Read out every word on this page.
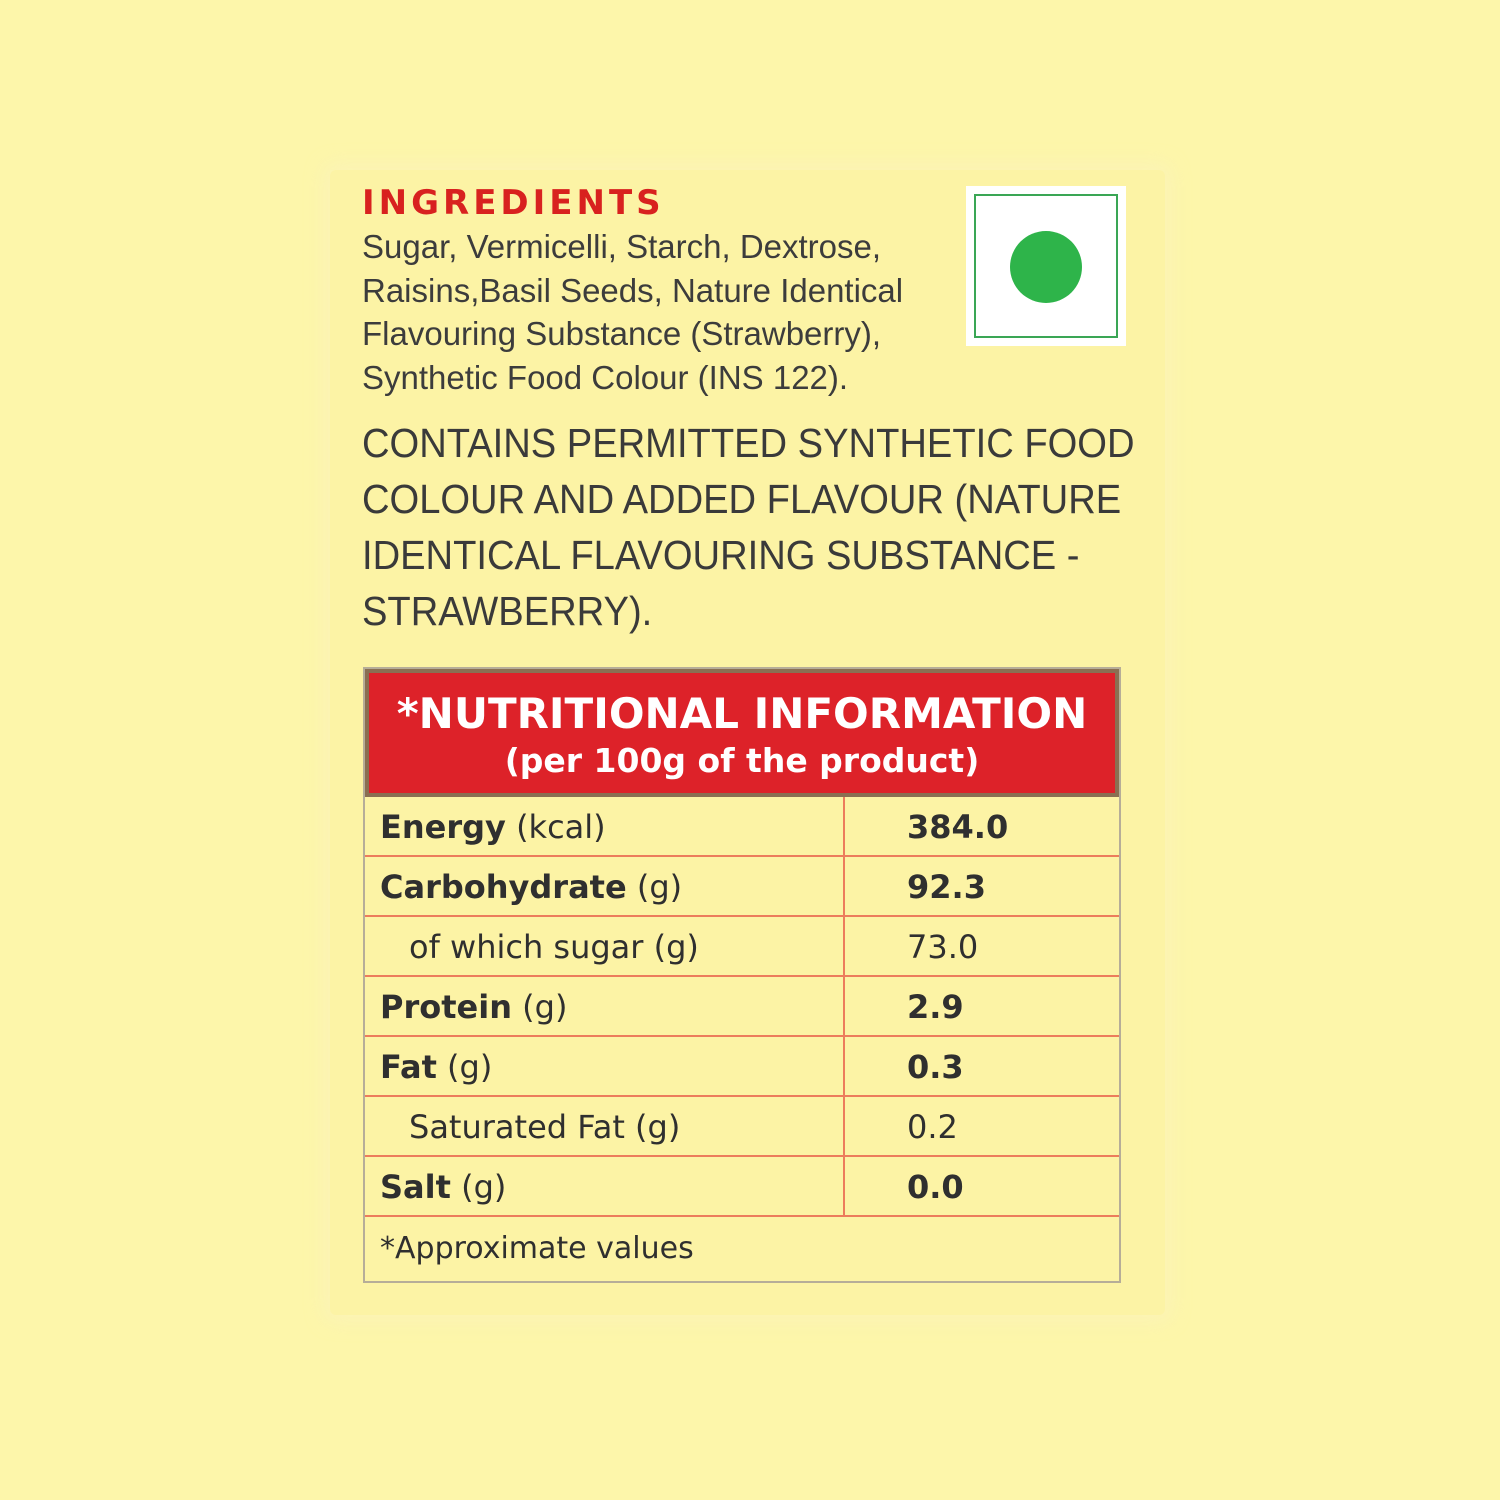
INGREDIENTS
Sugar, Vermicelli, Starch, Dextrose,
Raisins,Basil Seeds, Nature Identical
Flavouring Substance (Strawberry),
Synthetic Food Colour (INS 122).
CONTAINS PERMITTED SYNTHETIC FOOD
COLOUR AND ADDED FLAVOUR (NATURE
IDENTICAL FLAVOURING SUBSTANCE -
STRAWBERRY).
*NUTRITIONAL INFORMATION
(per 100g of the product)
Energy (kcal)	384.0
Carbohydrate (g)	92.3
of which sugar (g)	73.0
Protein (g)	2.9
Fat (g)	0.3
Saturated Fat (g)	0.2
Salt (g)	0.0
*Approximate values
